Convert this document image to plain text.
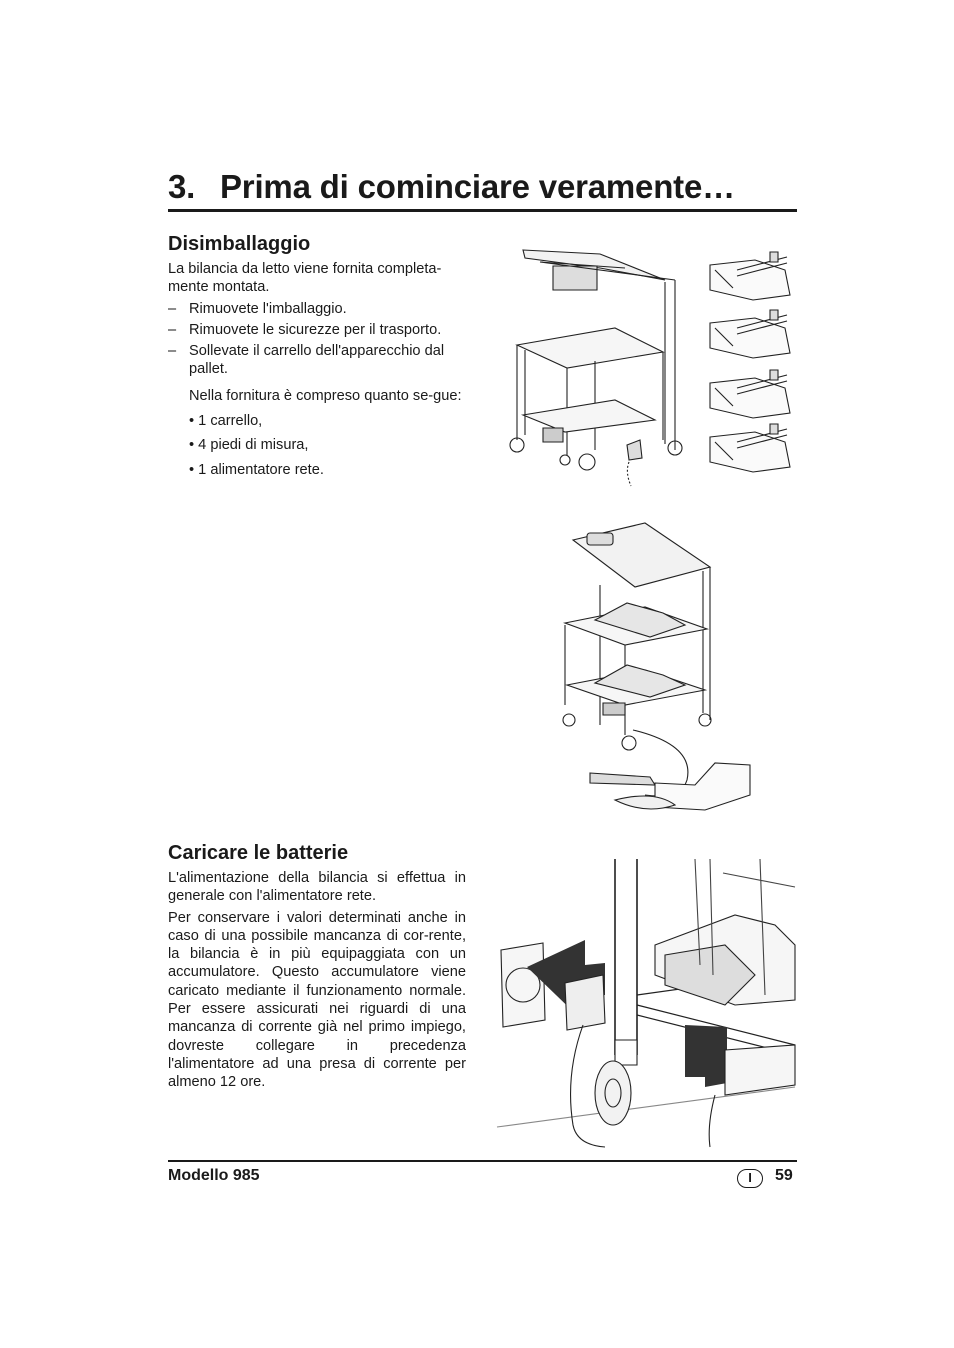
3. Prima di cominciare veramente…
Disimballaggio

La bilancia da letto viene fornita completa-mente montata.

– Rimuovete l'imballaggio.

– Rimuovete le sicurezze per il trasporto.

– Sollevate il carrello dell'apparecchio dal pallet.

Nella fornitura è compreso quanto se-gue:

• 1 carrello,

• 4 piedi di misura,

• 1 alimentatore rete.

Caricare le batterie

L'alimentazione della bilancia si effettua in generale con l'alimentatore rete.

Per conservare i valori determinati anche in caso di una possibile mancanza di cor-rente, la bilancia è in più equipaggiata con un accumulatore. Questo accumulatore viene caricato mediante il funzionamento normale. Per essere assicurati nei riguardi di una mancanza di corrente già nel primo impiego, dovreste collegare in precedenza l'alimentatore ad una presa di corrente per almeno 12 ore.

Modello 985	I	59
